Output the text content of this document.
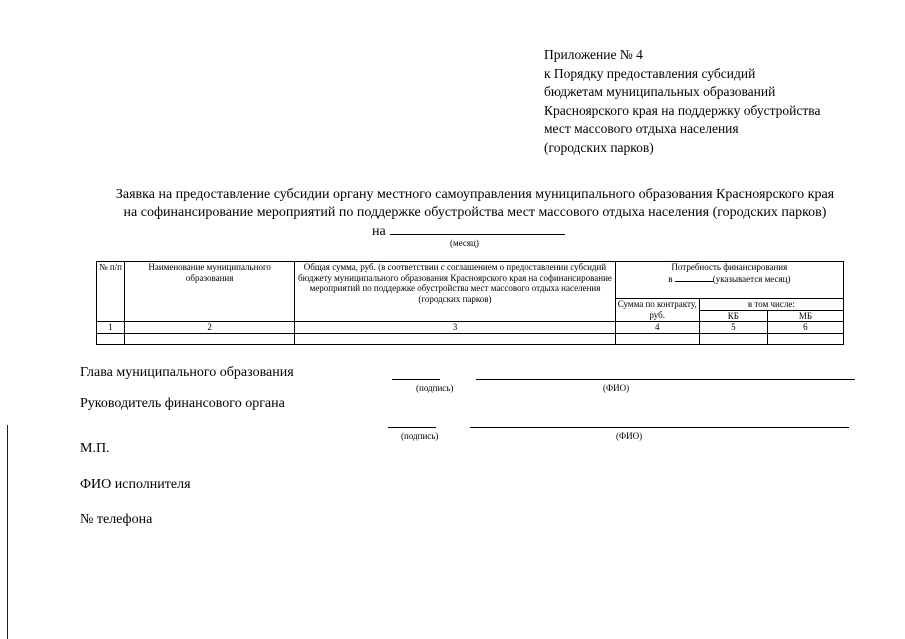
Приложение № 4
к Порядку предоставления субсидий
бюджетам муниципальных образований
Красноярского края на поддержку обустройства
мест массового отдыха населения
(городских парков)
Заявка на предоставление субсидии органу местного самоуправления муниципального образования Красноярского края
на софинансирование мероприятий по поддержке обустройства мест массового отдыха населения (городских парков)
на
(месяц)
№ п/п	Наименование муниципального образования	Общая сумма, руб. (в соответствии с соглашением о предоставлении субсидий бюджету муниципального образования Красноярского края на софинансирование мероприятий по поддержке обустройства мест массового отдыха населения (городских парков)	Потребность финансирования
в (указывается месяц)		

			Сумма по контракту, руб.	в том числе:	
				КБ	МБ
1	2	3	4	5	6

Глава муниципального образования
(подпись)	(ФИО)
Руководитель финансового органа
(подпись)	(ФИО)
М.П.
ФИО исполнителя
№ телефона
